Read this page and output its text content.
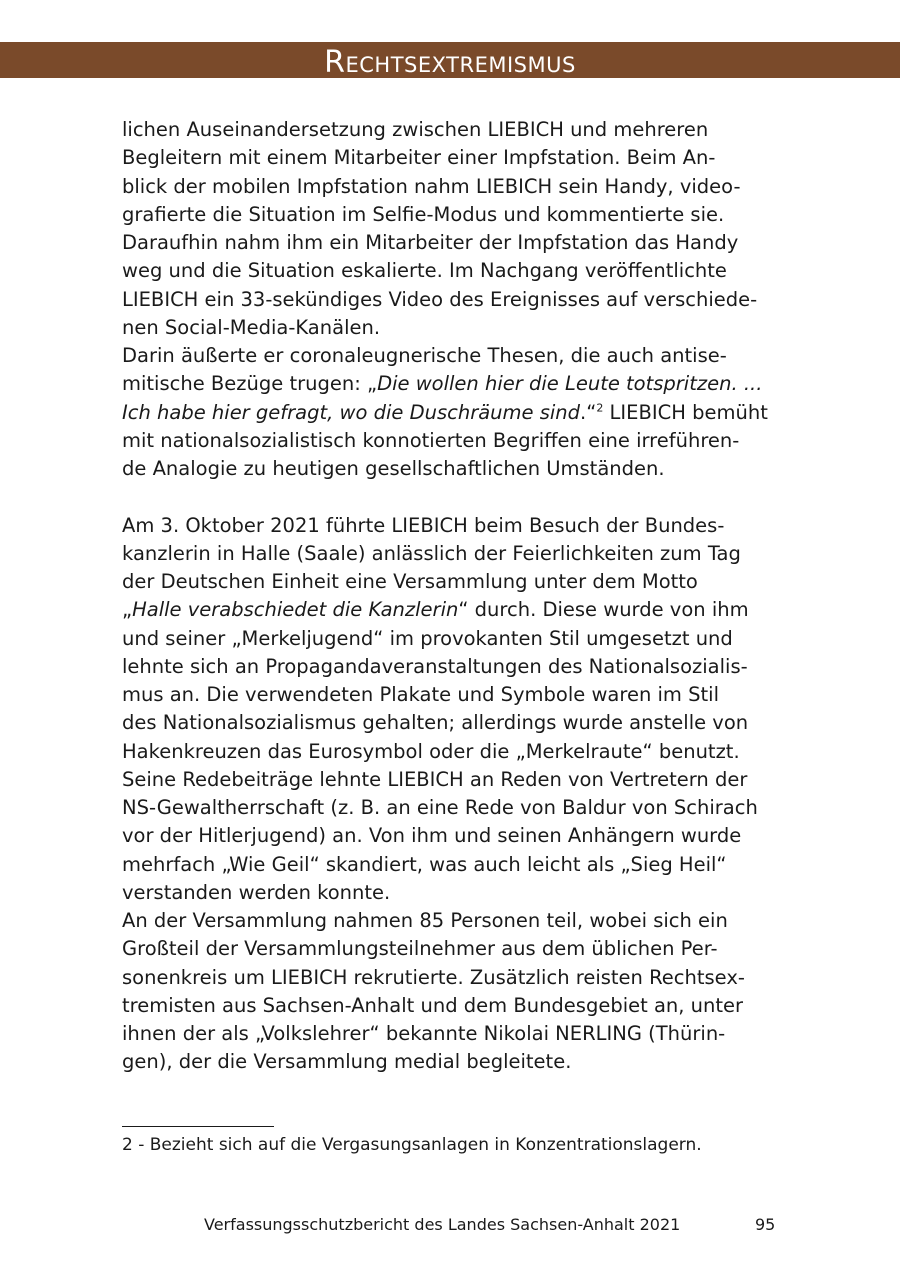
Rechtsextremismus
lichen Auseinandersetzung zwischen LIEBICH und mehreren
Begleitern mit einem Mitarbeiter einer Impfstation. Beim An-
blick der mobilen Impfstation nahm LIEBICH sein Handy, video-
grafierte die Situation im Selfie-Modus und kommentierte sie.
Daraufhin nahm ihm ein Mitarbeiter der Impfstation das Handy
weg und die Situation eskalierte. Im Nachgang veröffentlichte
LIEBICH ein 33-sekündiges Video des Ereignisses auf verschiede-
nen Social-Media-Kanälen.
Darin äußerte er coronaleugnerische Thesen, die auch antise-
mitische Bezüge trugen: „Die wollen hier die Leute totspritzen. ...
Ich habe hier gefragt, wo die Duschräume sind.“$^2$ LIEBICH bemüht
mit nationalsozialistisch konnotierten Begriffen eine irreführen-
de Analogie zu heutigen gesellschaftlichen Umständen.
Am 3. Oktober 2021 führte LIEBICH beim Besuch der Bundes-
kanzlerin in Halle (Saale) anlässlich der Feierlichkeiten zum Tag
der Deutschen Einheit eine Versammlung unter dem Motto
„Halle verabschiedet die Kanzlerin“ durch. Diese wurde von ihm
und seiner „Merkeljugend“ im provokanten Stil umgesetzt und
lehnte sich an Propagandaveranstaltungen des Nationalsozialis-
mus an. Die verwendeten Plakate und Symbole waren im Stil
des Nationalsozialismus gehalten; allerdings wurde anstelle von
Hakenkreuzen das Eurosymbol oder die „Merkelraute“ benutzt.
Seine Redebeiträge lehnte LIEBICH an Reden von Vertretern der
NS-Gewaltherrschaft (z. B. an eine Rede von Baldur von Schirach
vor der Hitlerjugend) an. Von ihm und seinen Anhängern wurde
mehrfach „Wie Geil“ skandiert, was auch leicht als „Sieg Heil“
verstanden werden konnte.
An der Versammlung nahmen 85 Personen teil, wobei sich ein
Großteil der Versammlungsteilnehmer aus dem üblichen Per-
sonenkreis um LIEBICH rekrutierte. Zusätzlich reisten Rechtsex-
tremisten aus Sachsen-Anhalt und dem Bundesgebiet an, unter
ihnen der als „Volkslehrer“ bekannte Nikolai NERLING (Thürin-
gen), der die Versammlung medial begleitete.
2 - Bezieht sich auf die Vergasungsanlagen in Konzentrationslagern.
Verfassungsschutzbericht des Landes Sachsen-Anhalt 2021	95
